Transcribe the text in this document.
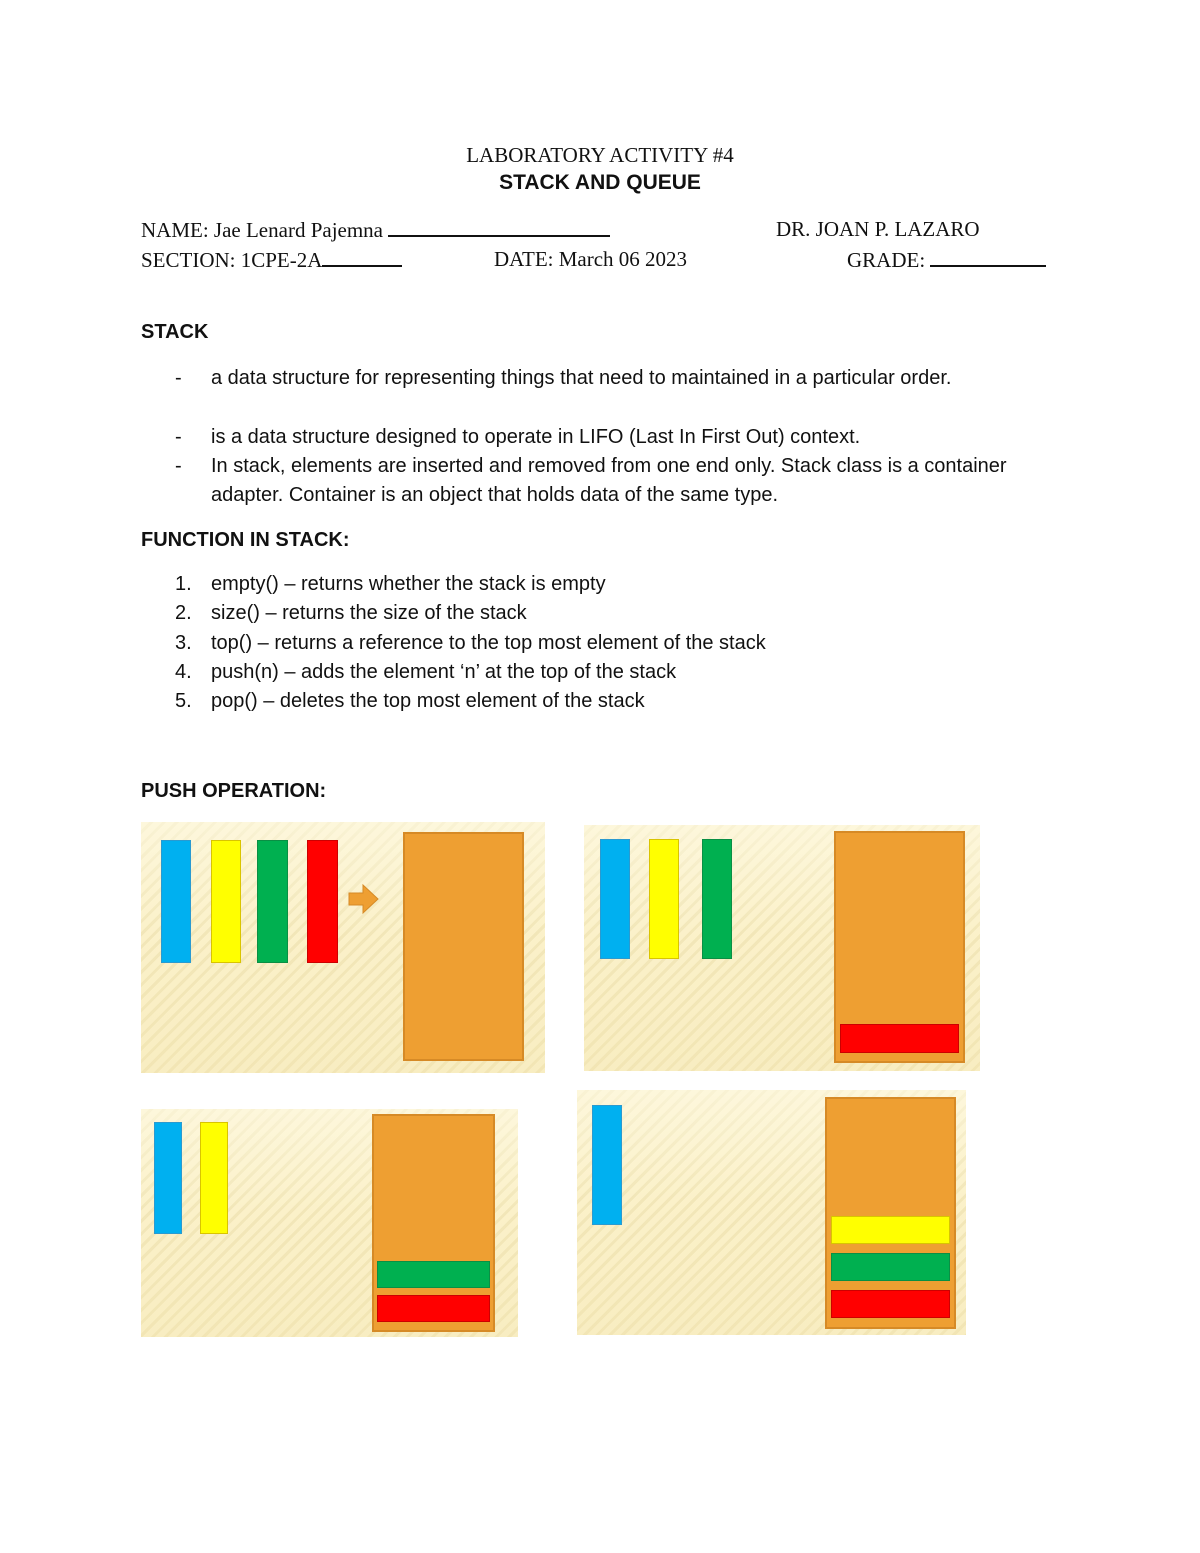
LABORATORY ACTIVITY #4
STACK AND QUEUE
NAME: Jae Lenard Pajemna	DR. JOAN P. LAZARO
SECTION: 1CPE-2A	DATE: March 06 2023	GRADE:
STACK
- a data structure for representing things that need to maintained in a particular order.
- is a data structure designed to operate in LIFO (Last In First Out) context.
- In stack, elements are inserted and removed from one end only. Stack class is a container adapter. Container is an object that holds data of the same type.
FUNCTION IN STACK:
1. empty() – returns whether the stack is empty
2. size() – returns the size of the stack
3. top() – returns a reference to the top most element of the stack
4. push(n) – adds the element ‘n’ at the top of the stack
5. pop() – deletes the top most element of the stack
PUSH OPERATION:
